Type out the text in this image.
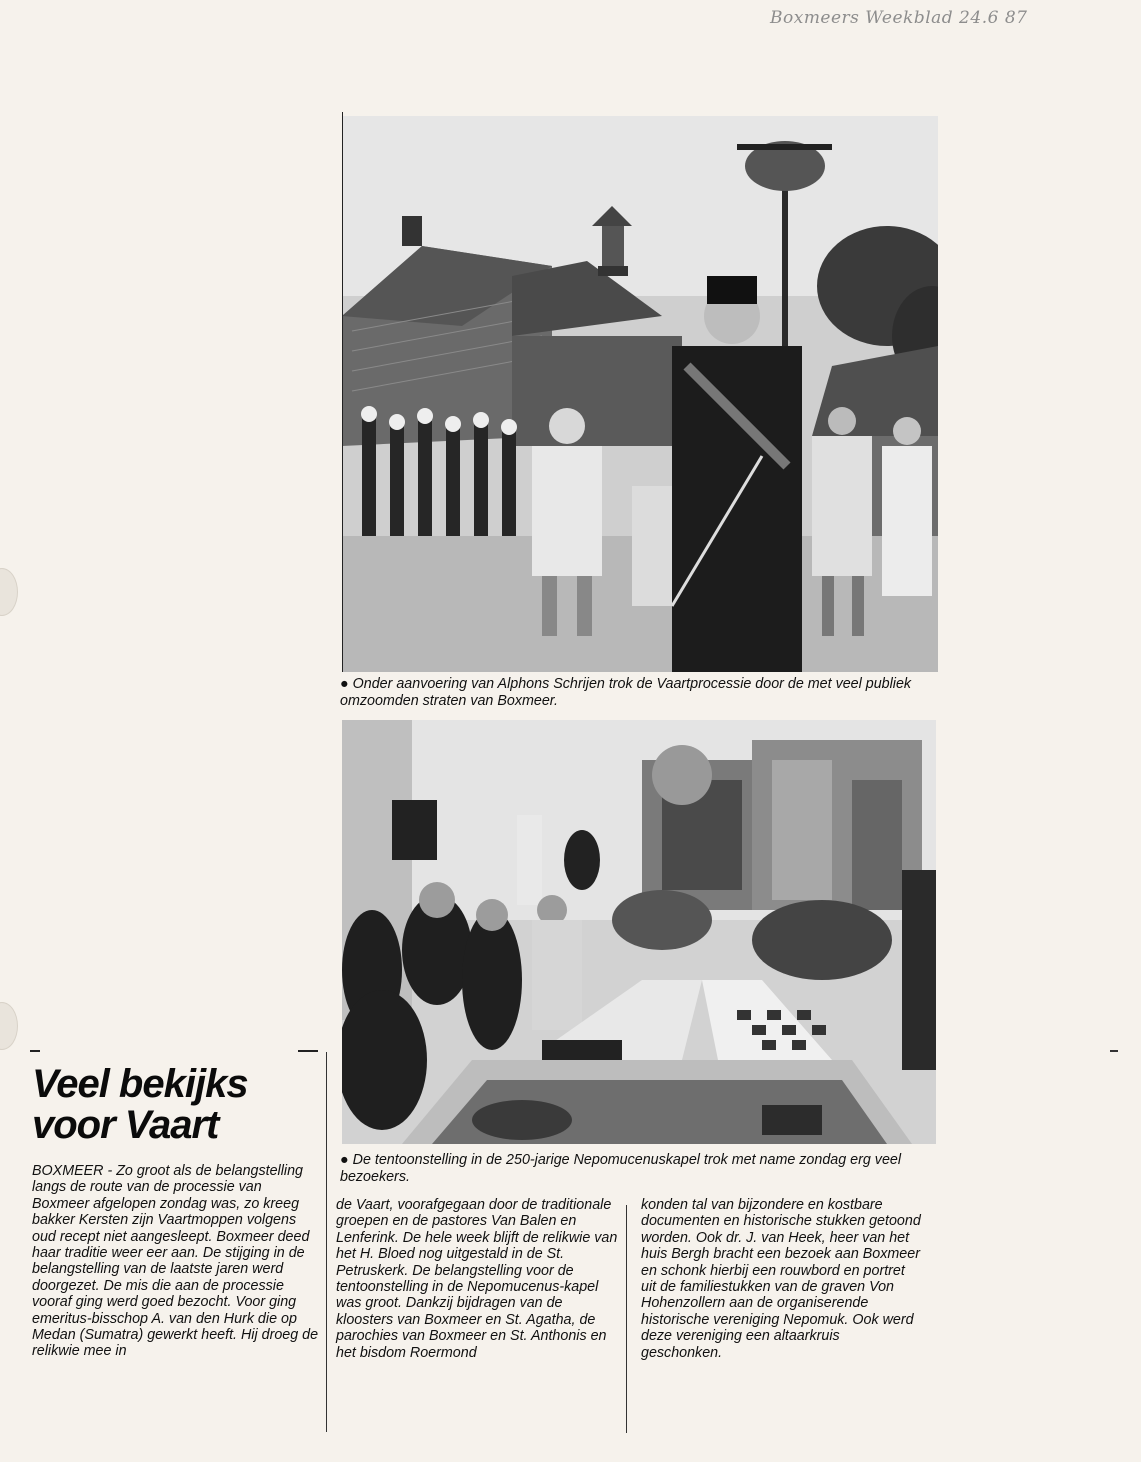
Boxmeers Weekblad 24.6 87
● Onder aanvoering van Alphons Schrijen trok de Vaartprocessie door de met veel publiek omzoomden straten van Boxmeer.
● De tentoonstelling in de 250-jarige Nepomucenuskapel trok met name zondag erg veel bezoekers.
Veel bekijks
voor Vaart

BOXMEER - Zo groot als de belangstelling langs de route van de processie van Boxmeer afgelopen zondag was, zo kreeg bakker Kersten zijn Vaartmoppen volgens oud recept niet aangesleept. Boxmeer deed haar traditie weer eer aan. De stijging in de belangstelling van de laatste jaren werd doorgezet. De mis die aan de processie vooraf ging werd goed bezocht. Voor ging emeritus-bisschop A. van den Hurk die op Medan (Sumatra) gewerkt heeft. Hij droeg de relikwie mee in

de Vaart, voorafgegaan door de traditionale groepen en de pastores Van Balen en Lenferink. De hele week blijft de relikwie van het H. Bloed nog uitgestald in de St. Petruskerk. De belangstelling voor de tentoonstelling in de Nepomucenus-kapel was groot. Dankzij bijdragen van de kloosters van Boxmeer en St. Agatha, de parochies van Boxmeer en St. Anthonis en het bisdom Roermond

konden tal van bijzondere en kostbare documenten en historische stukken getoond worden. Ook dr. J. van Heek, heer van het huis Bergh bracht een bezoek aan Boxmeer en schonk hierbij een rouwbord en portret uit de familiestukken van de graven Von Hohenzollern aan de organiserende historische vereniging Nepomuk. Ook werd deze vereniging een altaarkruis geschonken.
